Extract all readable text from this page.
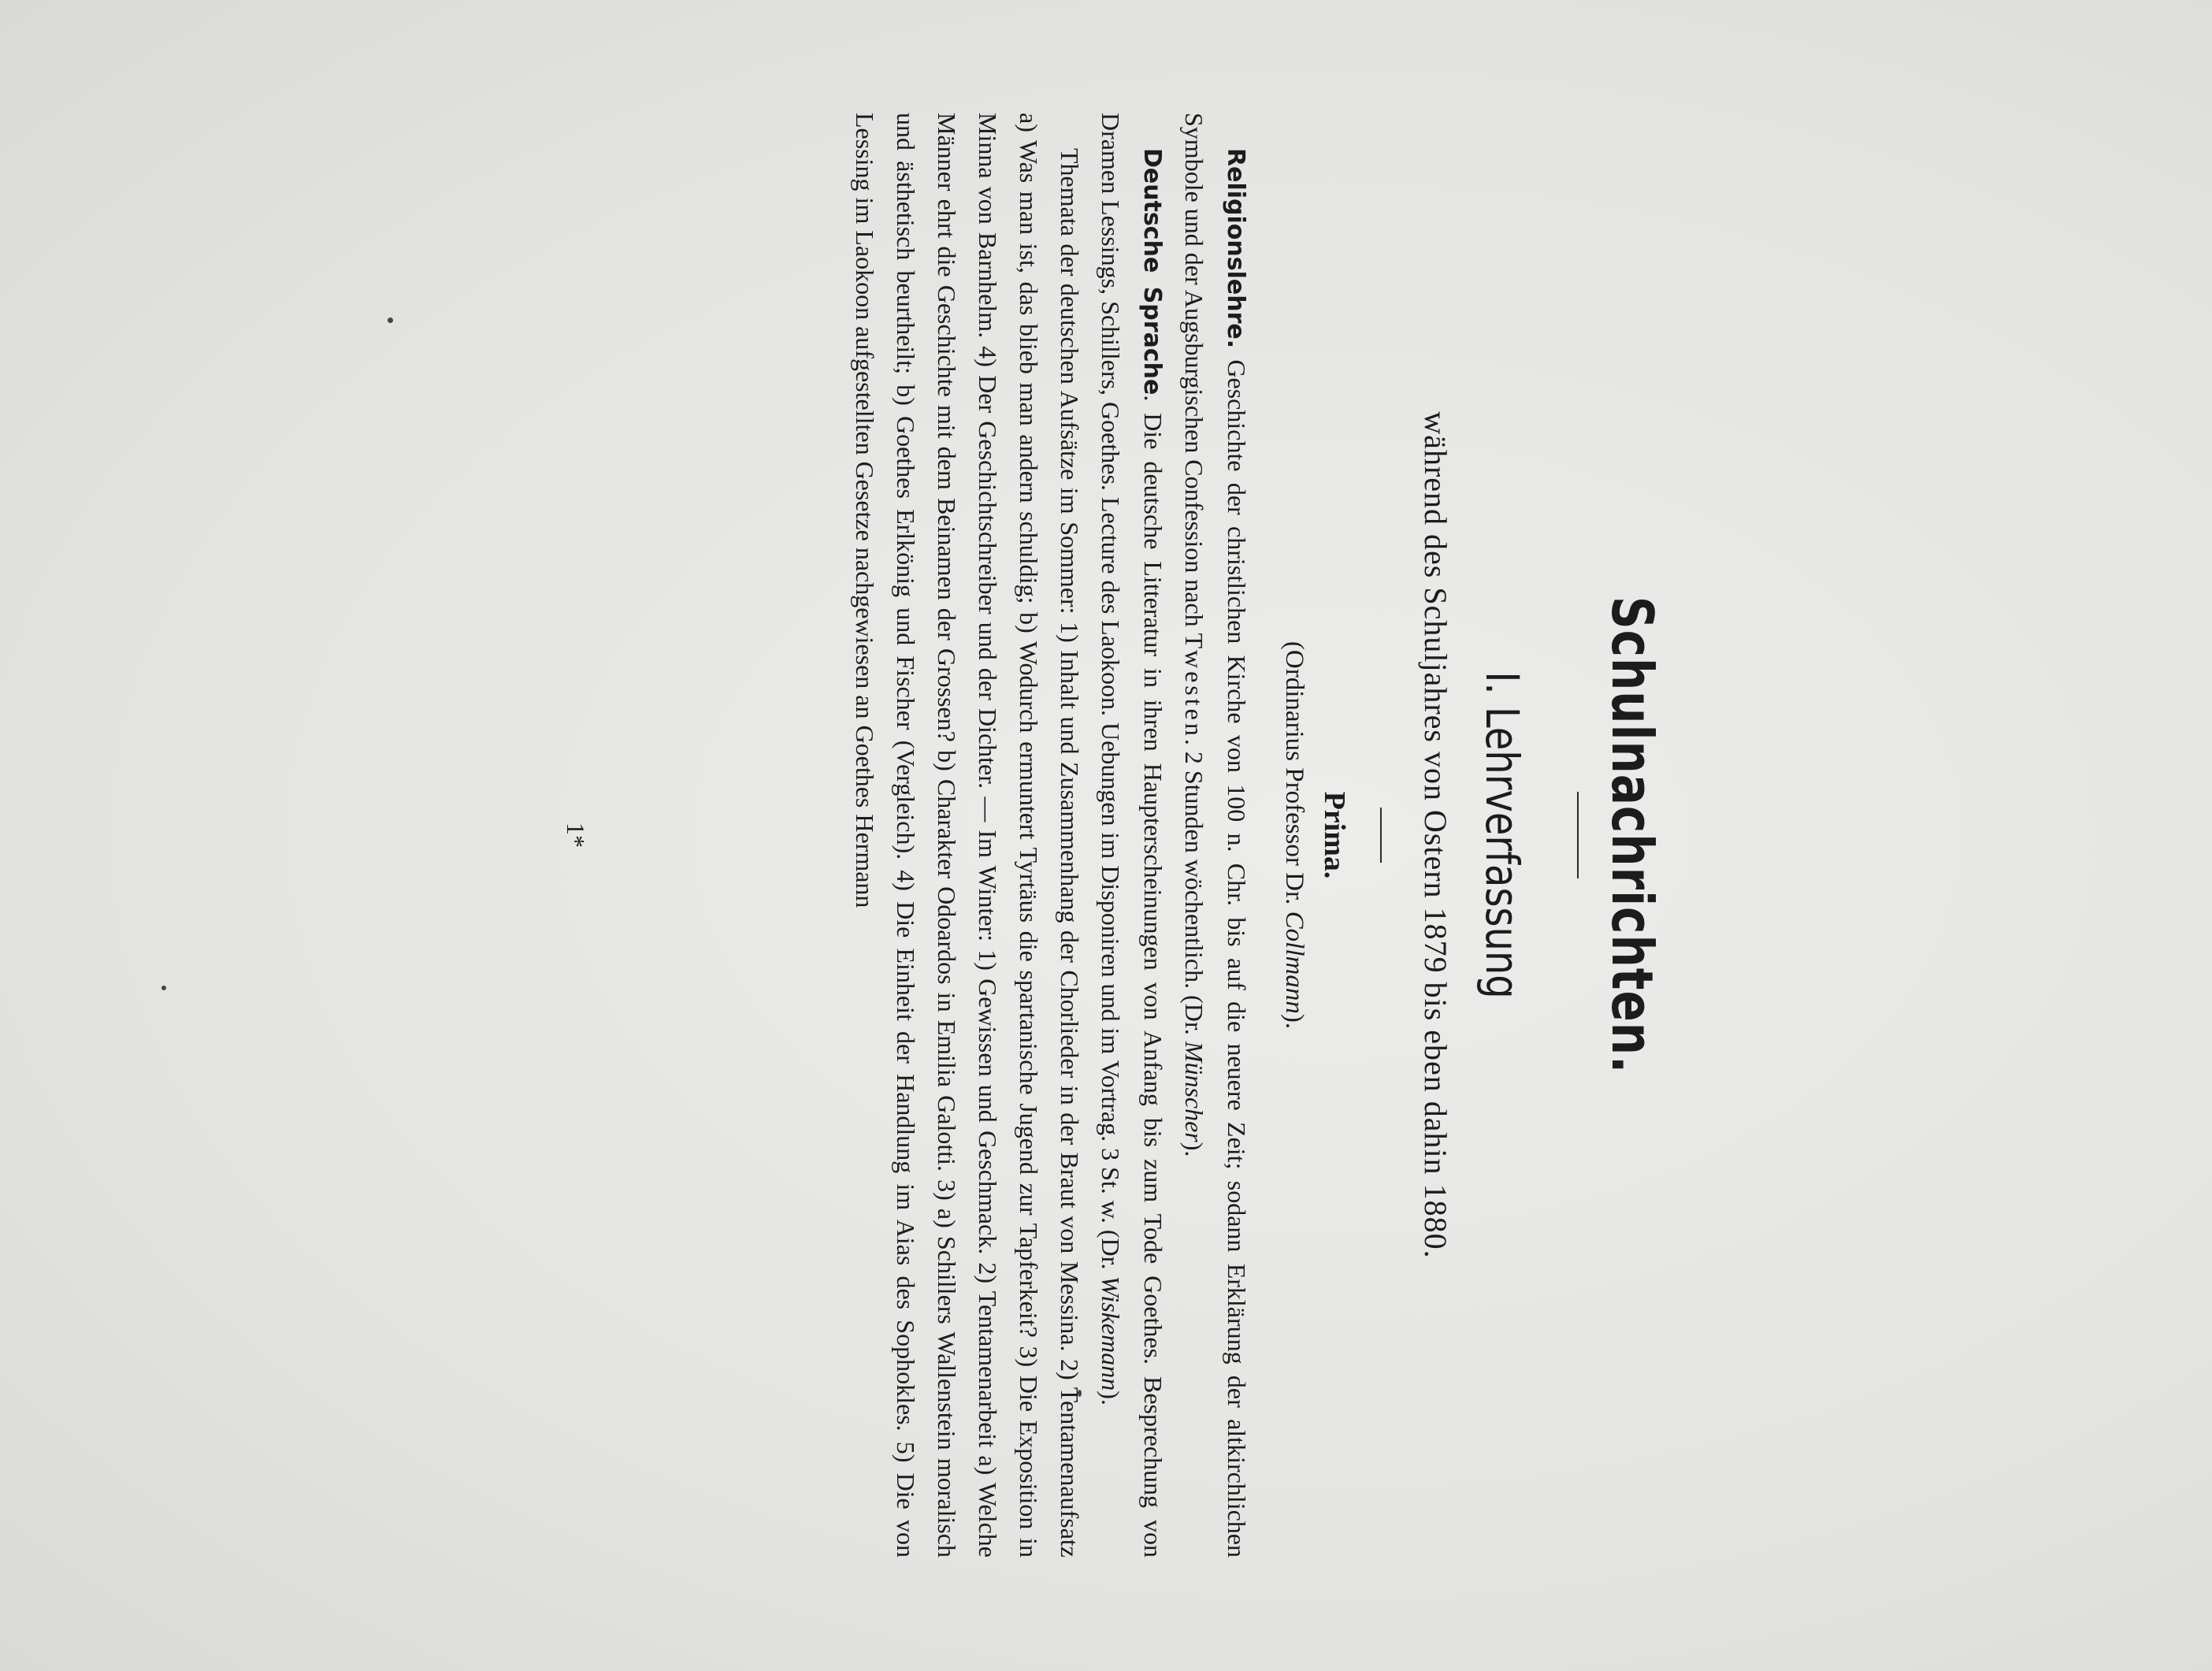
Schulnachrichten.
I. Lehrverfassung
während des Schuljahres von Ostern 1879 bis eben dahin 1880.
Prima.
(Ordinarius Professor Dr. Collmann).

Religionslehre. Geschichte der christlichen Kirche von 100 n. Chr. bis auf die neuere Zeit; sodann Erklärung der altkirchlichen Symbole und der Augsburgischen Confession nach Twesten. 2 Stunden wöchentlich. (Dr. Münscher).

Deutsche Sprache. Die deutsche Litteratur in ihren Haupterscheinungen von Anfang bis zum Tode Goethes. Besprechung von Dramen Lessings, Schillers, Goethes. Lecture des Laokoon. Uebungen im Disponiren und im Vortrag. 3 St. w. (Dr. Wiskemann).

Themata der deutschen Aufsätze im Sommer: 1) Inhalt und Zusammenhang der Chorlieder in der Braut von Messina. 2) Tentamenaufsatz a) Was man ist, das blieb man andern schuldig; b) Wodurch ermuntert Tyrtäus die spartanische Jugend zur Tapferkeit? 3) Die Exposition in Minna von Barnhelm. 4) Der Geschichtschreiber und der Dichter. — Im Winter: 1) Gewissen und Geschmack. 2) Tentamenarbeit a) Welche Männer ehrt die Geschichte mit dem Beinamen der Grossen? b) Charakter Odoardos in Emilia Galotti. 3) a) Schillers Wallenstein moralisch und ästhetisch beurtheilt; b) Goethes Erlkönig und Fischer (Vergleich). 4) Die Einheit der Handlung im Aias des Sophokles. 5) Die von Lessing im Laokoon aufgestellten Gesetze nachgewiesen an Goethes Hermann

1*
